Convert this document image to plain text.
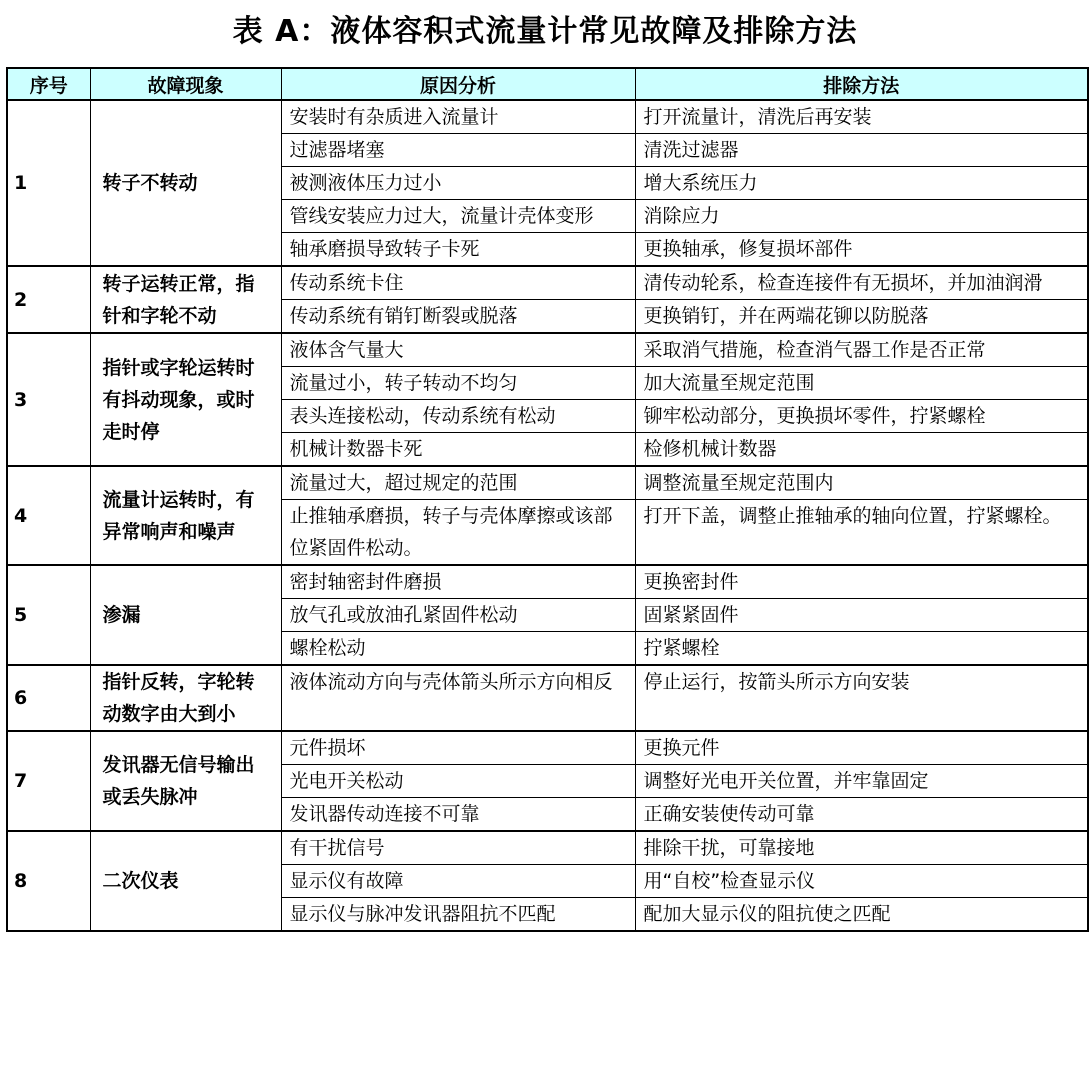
表 A：液体容积式流量计常见故障及排除方法
序号	故障现象	原因分析	排除方法
1	转子不转动	安装时有杂质进入流量计	打开流量计，清洗后再安装
		过滤器堵塞	清洗过滤器
		被测液体压力过小	增大系统压力
		管线安装应力过大，流量计壳体变形	消除应力
		轴承磨损导致转子卡死	更换轴承，修复损坏部件
2	转子运转正常，指针和字轮不动	传动系统卡住	清传动轮系，检查连接件有无损坏，并加油润滑
		传动系统有销钉断裂或脱落	更换销钉，并在两端花铆以防脱落
3	指针或字轮运转时有抖动现象，或时走时停	液体含气量大	采取消气措施，检查消气器工作是否正常
		流量过小，转子转动不均匀	加大流量至规定范围
		表头连接松动，传动系统有松动	铆牢松动部分，更换损坏零件，拧紧螺栓
		机械计数器卡死	检修机械计数器
4	流量计运转时，有异常响声和噪声	流量过大，超过规定的范围	调整流量至规定范围内
		止推轴承磨损，转子与壳体摩擦或该部位紧固件松动。	打开下盖，调整止推轴承的轴向位置，拧紧螺栓。
5	渗漏	密封轴密封件磨损	更换密封件
		放气孔或放油孔紧固件松动	固紧紧固件
		螺栓松动	拧紧螺栓
6	指针反转，字轮转动数字由大到小	液体流动方向与壳体箭头所示方向相反	停止运行，按箭头所示方向安装
7	发讯器无信号输出或丢失脉冲	元件损坏	更换元件
		光电开关松动	调整好光电开关位置，并牢靠固定
		发讯器传动连接不可靠	正确安装使传动可靠
8	二次仪表	有干扰信号	排除干扰，可靠接地
		显示仪有故障	用“自校”检查显示仪
		显示仪与脉冲发讯器阻抗不匹配	配加大显示仪的阻抗使之匹配
